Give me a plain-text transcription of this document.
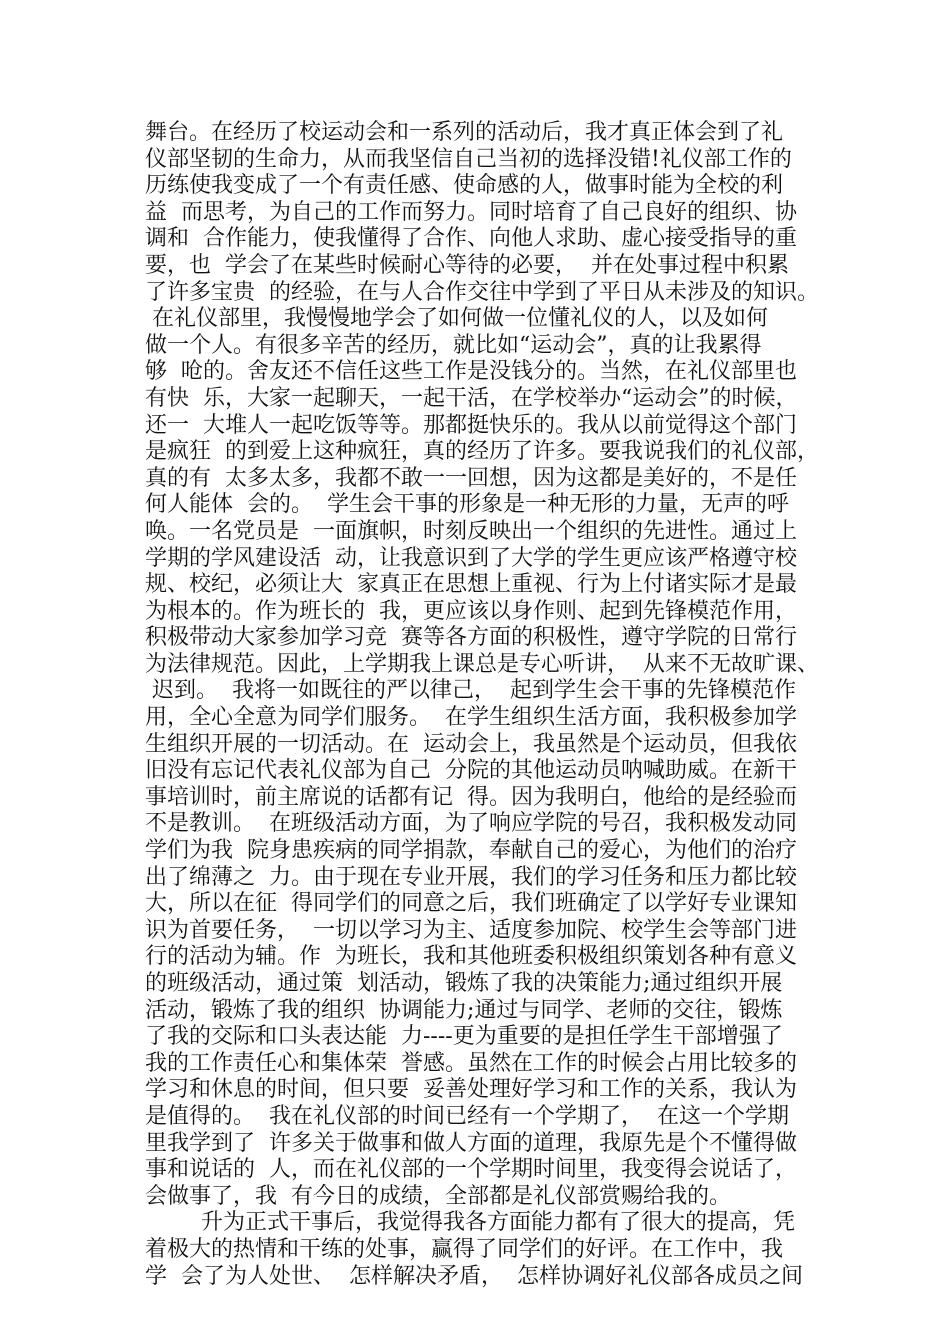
舞台。在经历了校运动会和一系列的活动后，我才真正体会到了礼
仪部坚韧的生命力，从而我坚信自己当初的选择没错!礼仪部工作的
历练使我变成了一个有责任感、使命感的人，做事时能为全校的利
益  而思考，为自己的工作而努力。同时培育了自己良好的组织、协
调和  合作能力，使我懂得了合作、向他人求助、虚心接受指导的重
要，也  学会了在某些时候耐心等待的必要，  并在处事过程中积累
了许多宝贵  的经验，在与人合作交往中学到了平日从未涉及的知识。
在礼仪部里，我慢慢地学会了如何做一位懂礼仪的人，以及如何
做一个人。有很多辛苦的经历，就比如“运动会”，真的让我累得
够  呛的。舍友还不信任这些工作是没钱分的。当然，在礼仪部里也
有快  乐，大家一起聊天，一起干活，在学校举办“运动会”的时候，
还一  大堆人一起吃饭等等。那都挺快乐的。我从以前觉得这个部门
是疯狂  的到爱上这种疯狂，真的经历了许多。要我说我们的礼仪部，
真的有  太多太多，我都不敢一一回想，因为这都是美好的，不是任
何人能体  会的。  学生会干事的形象是一种无形的力量，无声的呼
唤。一名党员是  一面旗帜，时刻反映出一个组织的先进性。通过上
学期的学风建设活  动，让我意识到了大学的学生更应该严格遵守校
规、校纪，必须让大  家真正在思想上重视、行为上付诸实际才是最
为根本的。作为班长的  我，更应该以身作则、起到先锋模范作用，
积极带动大家参加学习竞  赛等各方面的积极性，遵守学院的日常行
为法律规范。因此，上学期我上课总是专心听讲，  从来不无故旷课、
迟到。  我将一如既往的严以律己，  起到学生会干事的先锋模范作
用，全心全意为同学们服务。  在学生组织生活方面，我积极参加学
生组织开展的一切活动。在  运动会上，我虽然是个运动员，但我依
旧没有忘记代表礼仪部为自己  分院的其他运动员呐喊助威。在新干
事培训时，前主席说的话都有记  得。因为我明白，他给的是经验而
不是教训。  在班级活动方面，为了响应学院的号召，我积极发动同
学们为我  院身患疾病的同学捐款，奉献自己的爱心，为他们的治疗
出了绵薄之  力。由于现在专业开展，我们的学习任务和压力都比较
大，所以在征  得同学们的同意之后，我们班确定了以学好专业课知
识为首要任务，  一切以学习为主、适度参加院、校学生会等部门进
行的活动为辅。作  为班长，我和其他班委积极组织策划各种有意义
的班级活动，通过策  划活动，锻炼了我的决策能力;通过组织开展
活动，锻炼了我的组织  协调能力;通过与同学、老师的交往，锻炼
了我的交际和口头表达能  力----更为重要的是担任学生干部增强了
我的工作责任心和集体荣  誉感。虽然在工作的时候会占用比较多的
学习和休息的时间，但只要  妥善处理好学习和工作的关系，我认为
是值得的。  我在礼仪部的时间已经有一个学期了，  在这一个学期
里我学到了  许多关于做事和做人方面的道理，我原先是个不懂得做
事和说话的  人，而在礼仪部的一个学期时间里，我变得会说话了，
会做事了，我  有今日的成绩，全部都是礼仪部赏赐给我的。
升为正式干事后，我觉得我各方面能力都有了很大的提高，凭
着极大的热情和干练的处事，赢得了同学们的好评。在工作中，我
学  会了为人处世、  怎样解决矛盾，  怎样协调好礼仪部各成员之间
